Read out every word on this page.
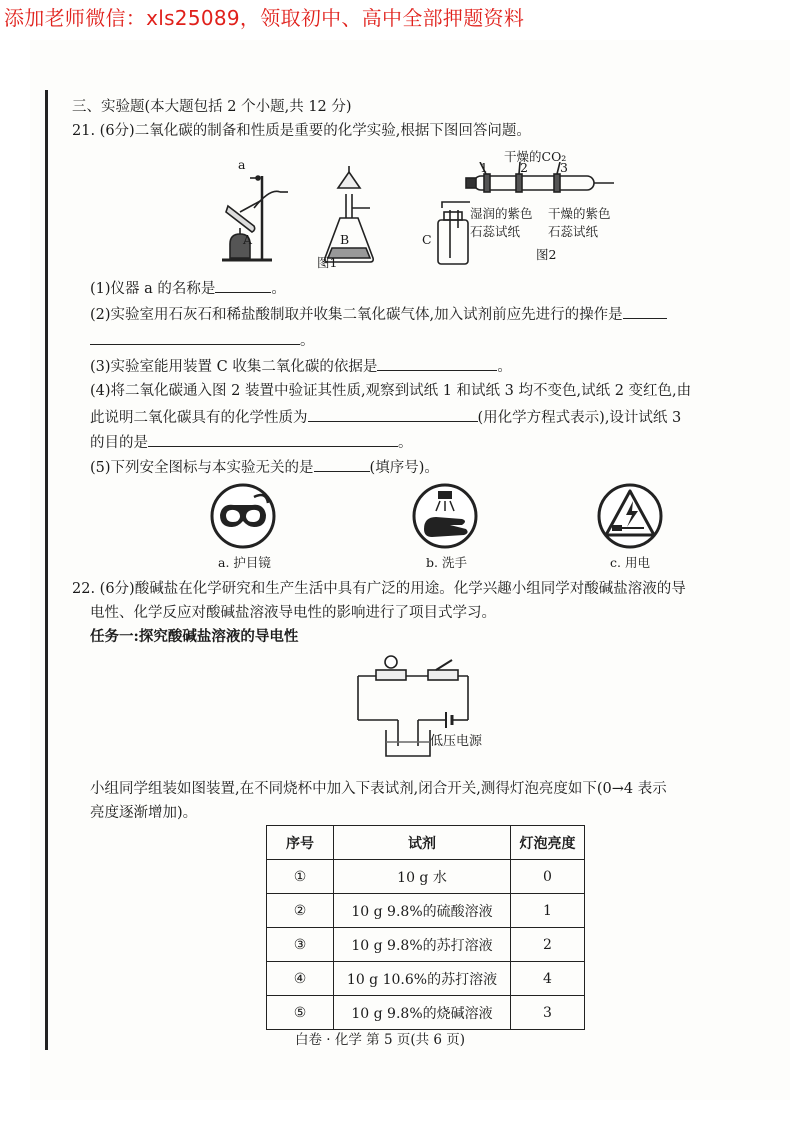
添加老师微信：xls25089，领取初中、高中全部押题资料
三、实验题(本大题包括 2 个小题,共 12 分)
21. (6分)二氧化碳的制备和性质是重要的化学实验,根据下图回答问题。
a
A	B	C
图1
干燥的CO₂
1	2	3
湿润的紫色
石蕊试纸
干燥的紫色
石蕊试纸
图2
(1)仪器 a 的名称是	。
(2)实验室用石灰石和稀盐酸制取并收集二氧化碳气体,加入试剂前应先进行的操作是
。
(3)实验室能用装置 C 收集二氧化碳的依据是	。
(4)将二氧化碳通入图 2 装置中验证其性质,观察到试纸 1 和试纸 3 均不变色,试纸 2 变红色,由
此说明二氧化碳具有的化学性质为	(用化学方程式表示),设计试纸 3
的目的是	。
(5)下列安全图标与本实验无关的是	(填序号)。
a. 护目镜	b. 洗手	c. 用电
22. (6分)酸碱盐在化学研究和生产生活中具有广泛的用途。化学兴趣小组同学对酸碱盐溶液的导
电性、化学反应对酸碱盐溶液导电性的影响进行了项目式学习。
任务一:探究酸碱盐溶液的导电性
低压电源
小组同学组装如图装置,在不同烧杯中加入下表试剂,闭合开关,测得灯泡亮度如下(0→4 表示
亮度逐渐增加)。
序号	试剂	灯泡亮度
①	10 g 水	0
②	10 g 9.8%的硫酸溶液	1
③	10 g 9.8%的苏打溶液	2
④	10 g 10.6%的苏打溶液	4
⑤	10 g 9.8%的烧碱溶液	3
白卷 · 化学 第 5 页(共 6 页)
